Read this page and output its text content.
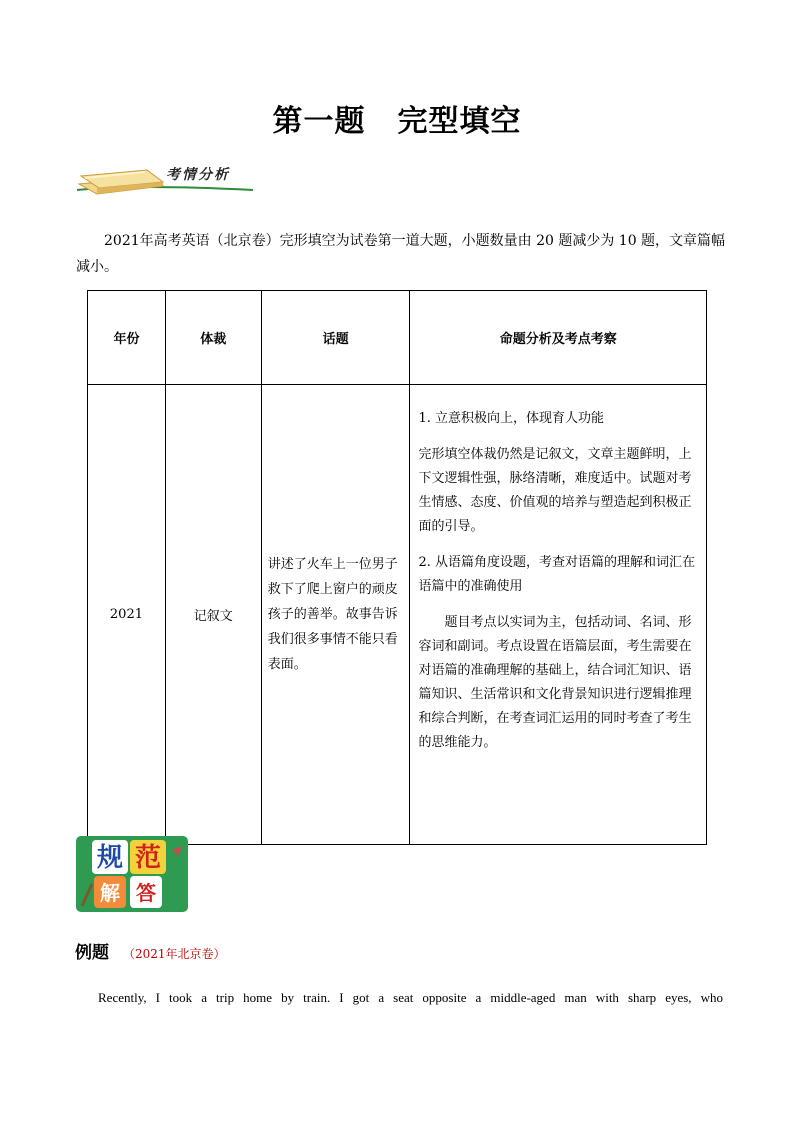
第一题 完型填空
考情分析
2021年高考英语（北京卷）完形填空为试卷第一道大题，小题数量由 20 题减少为 10 题，文章篇幅减小。
年份	体裁	话题	命题分析及考点考察
2021	记叙文	讲述了火车上一位男子救下了爬上窗户的顽皮孩子的善举。故事告诉我们很多事情不能只看表面。	1. 立意积极向上，体现育人功能

完形填空体裁仍然是记叙文，文章主题鲜明，上下文逻辑性强，脉络清晰，难度适中。试题对考生情感、态度、价值观的培养与塑造起到积极正面的引导。

2. 从语篇角度设题，考查对语篇的理解和词汇在语篇中的准确使用

题目考点以实词为主，包括动词、名词、形容词和副词。考点设置在语篇层面，考生需要在对语篇的准确理解的基础上，结合词汇知识、语篇知识、生活常识和文化背景知识进行逻辑推理和综合判断，在考查词汇运用的同时考查了考生的思维能力。

规 范
解 答
例题 （2021年北京卷）
Recently, I took a trip home by train. I got a seat opposite a middle-aged man with sharp eyes, who
